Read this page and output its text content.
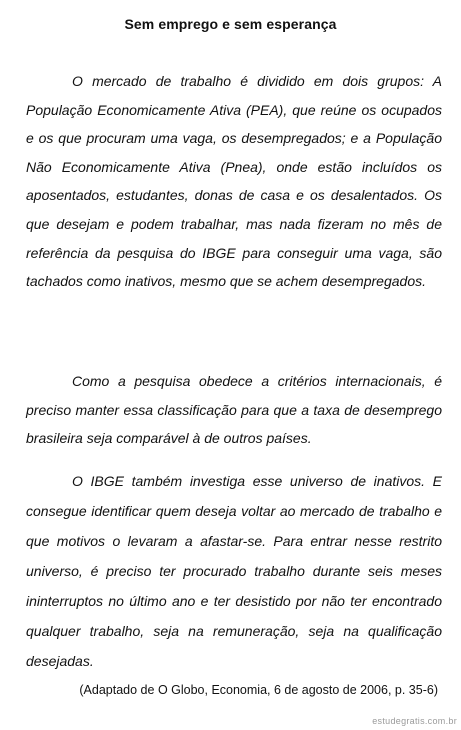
Sem emprego e sem esperança

O mercado de trabalho é dividido em dois grupos: A População Economicamente Ativa (PEA), que reúne os ocupados e os que procuram uma vaga, os desempregados; e a População Não Economicamente Ativa (Pnea), onde estão incluídos os aposentados, estudantes, donas de casa e os desalentados. Os que desejam e podem trabalhar, mas nada fizeram no mês de referência da pesquisa do IBGE para conseguir uma vaga, são tachados como inativos, mesmo que se achem desempregados.

Como a pesquisa obedece a critérios internacionais, é preciso manter essa classificação para que a taxa de desemprego brasileira seja comparável à de outros países.

O IBGE também investiga esse universo de inativos. E consegue identificar quem deseja voltar ao mercado de trabalho e que motivos o levaram a afastar-se. Para entrar nesse restrito universo, é preciso ter procurado trabalho durante seis meses ininterruptos no último ano e ter desistido por não ter encontrado qualquer trabalho, seja na remuneração, seja na qualificação desejadas.

(Adaptado de O Globo, Economia, 6 de agosto de 2006, p. 35-6)
estudegratis.com.br
